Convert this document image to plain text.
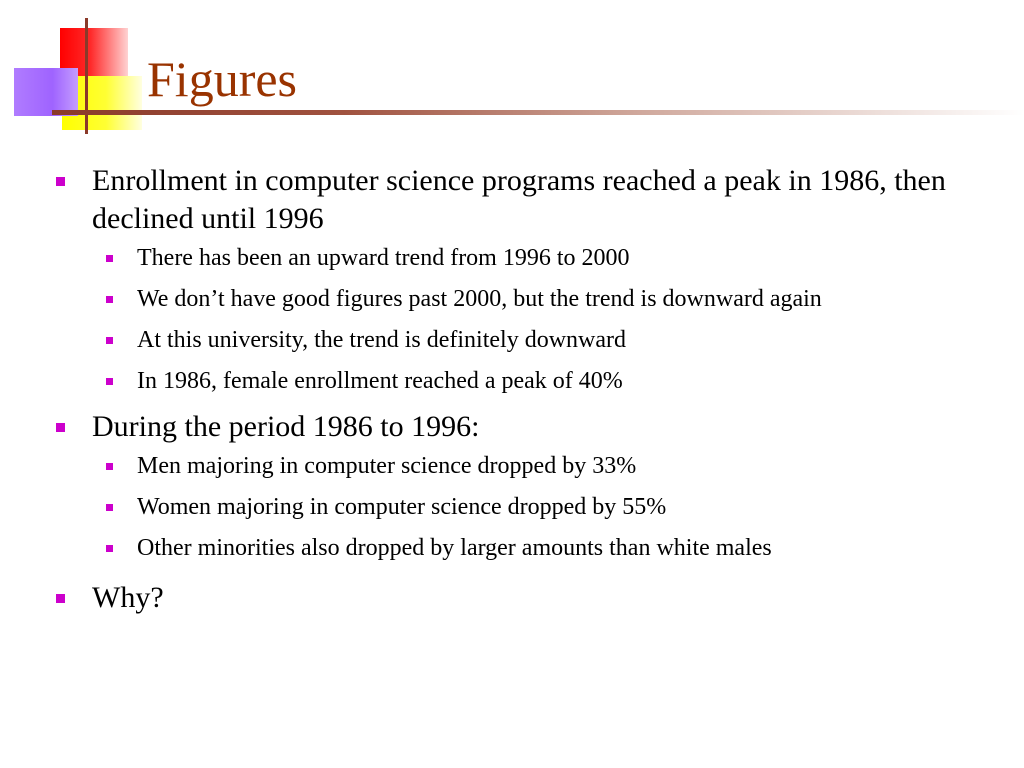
Figures
Enrollment in computer science programs reached a peak in 1986, then declined until 1996
There has been an upward trend from 1996 to 2000
We don’t have good figures past 2000, but the trend is downward again
At this university, the trend is definitely downward
In 1986, female enrollment reached a peak of 40%
During the period 1986 to 1996:
Men majoring in computer science dropped by 33%
Women majoring in computer science dropped by 55%
Other minorities also dropped by larger amounts than white males
Why?
